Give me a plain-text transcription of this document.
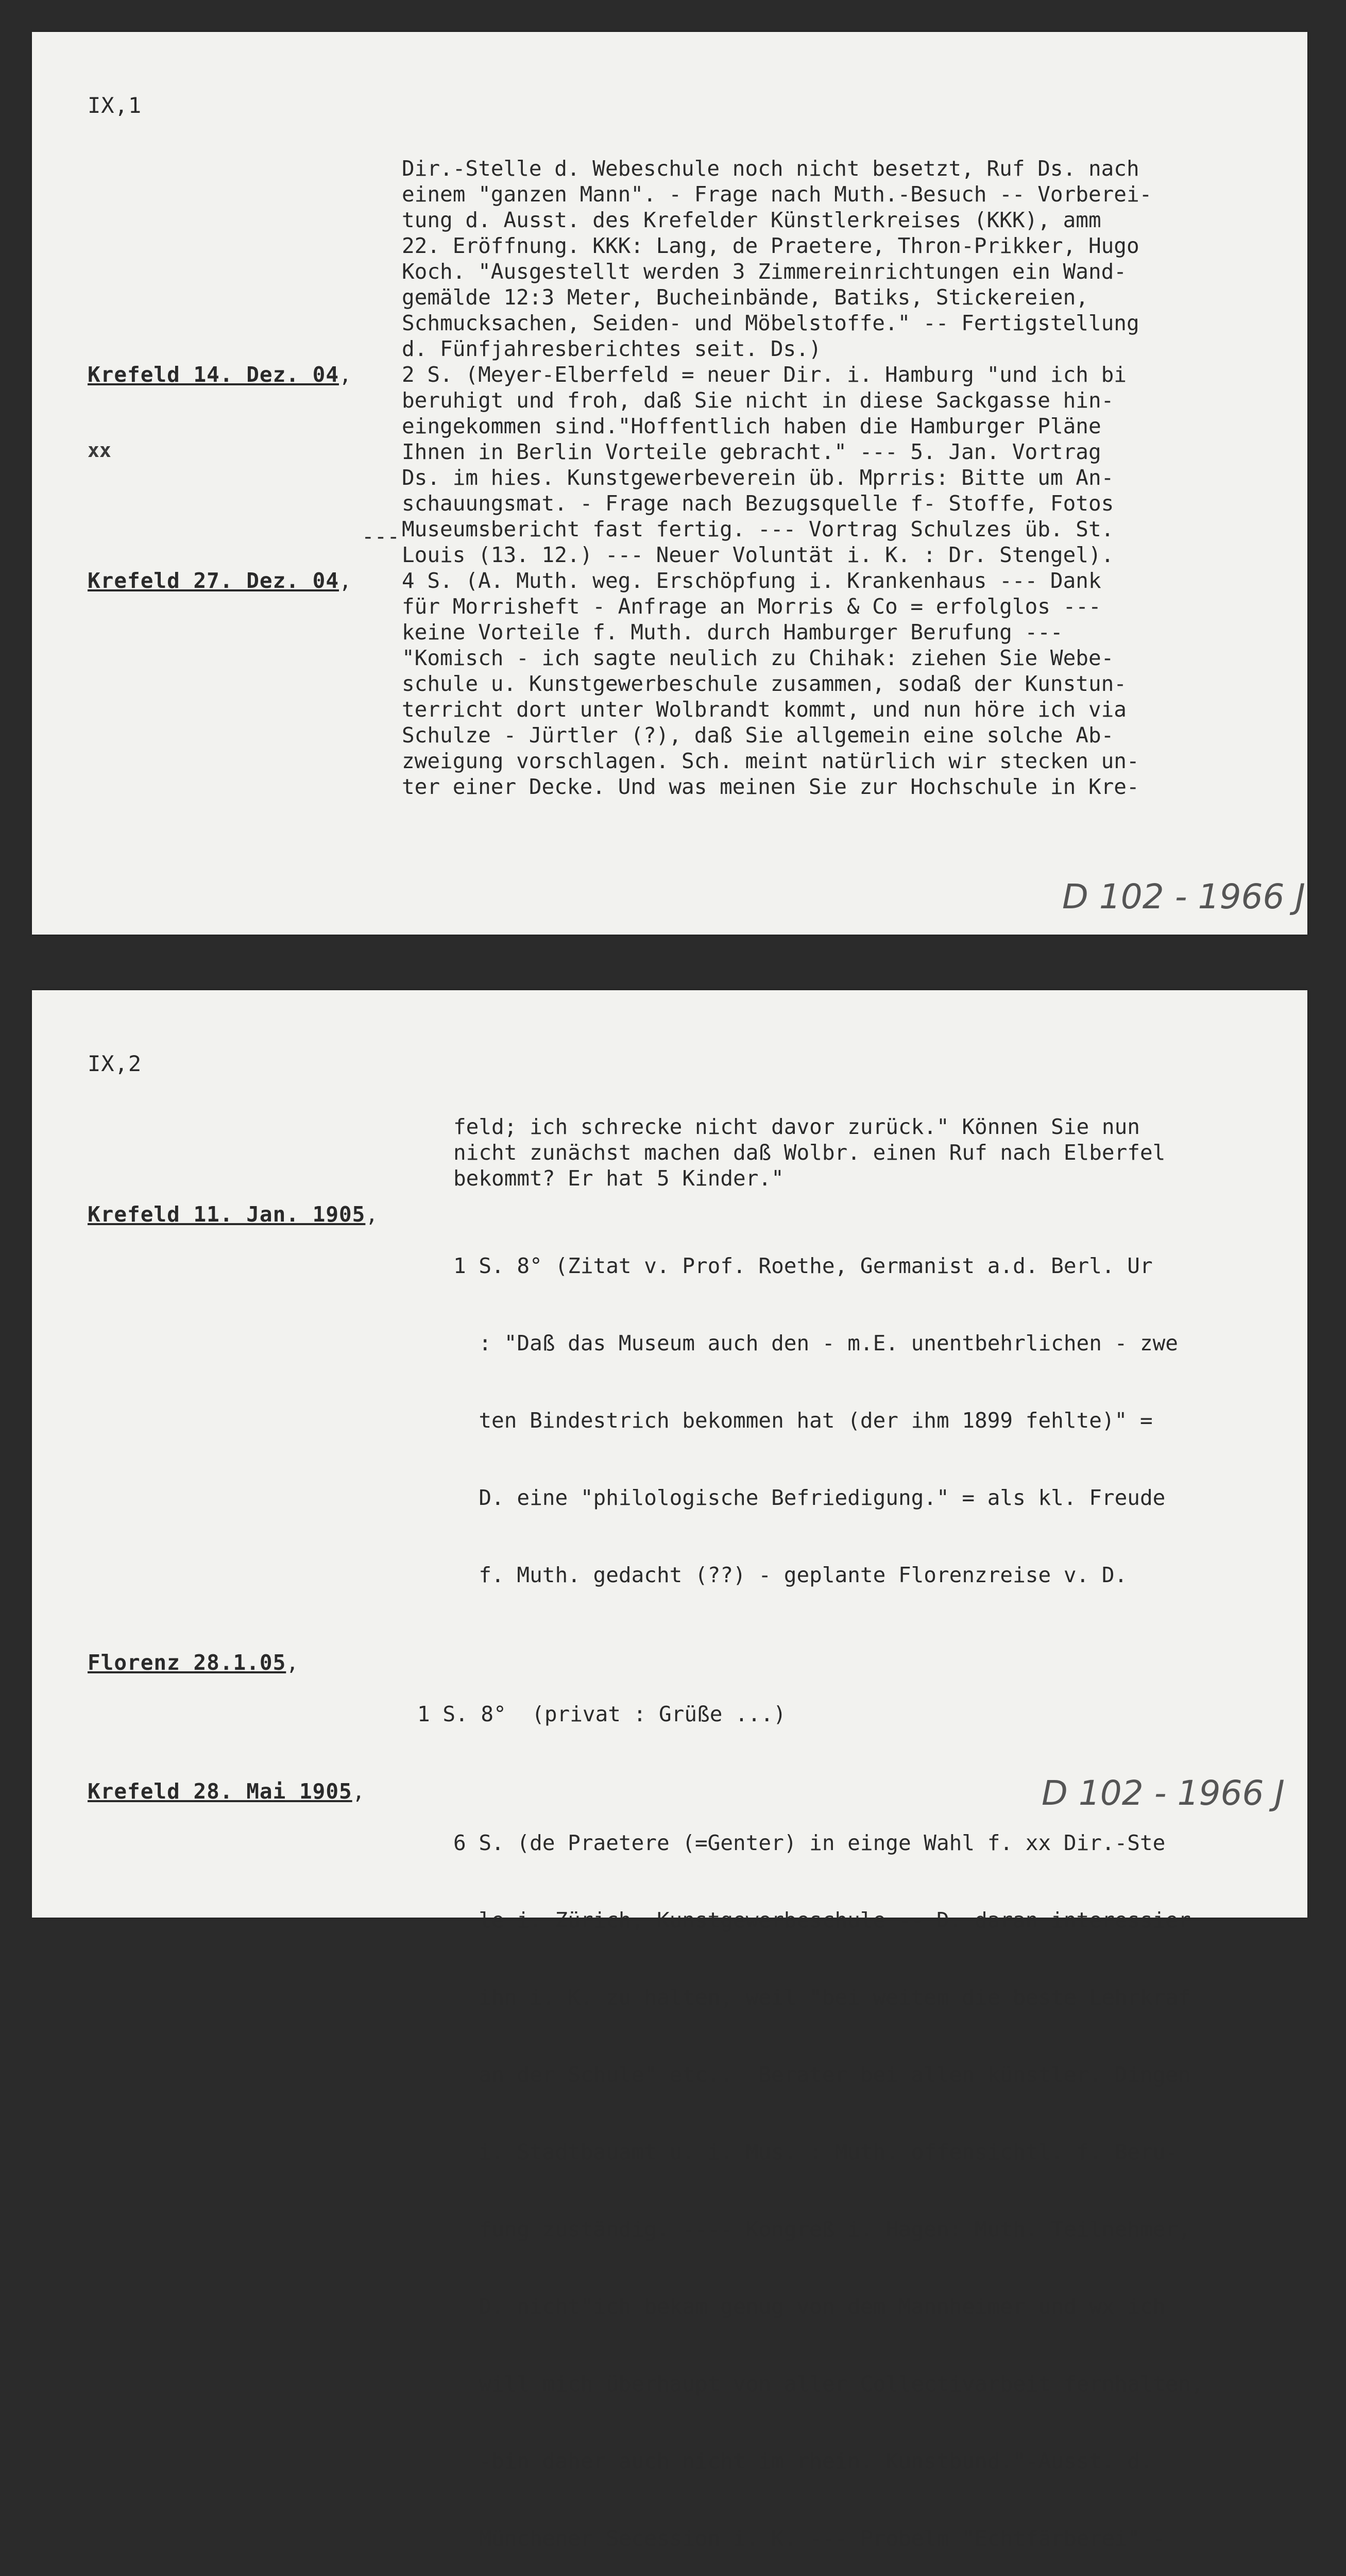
IX,1
xx
---
Dir.-Stelle d. Webeschule noch nicht besetzt, Ruf Ds. nach
einem "ganzen Mann". - Frage nach Muth.-Besuch -- Vorberei-
tung d. Ausst. des Krefelder Künstlerkreises (KKK), amm
22. Eröffnung. KKK: Lang, de Praetere, Thron-Prikker, Hugo
Koch. "Ausgestellt werden 3 Zimmereinrichtungen ein Wand-
gemälde 12:3 Meter, Bucheinbände, Batiks, Stickereien,
Schmucksachen, Seiden- und Möbelstoffe." -- Fertigstellung
d. Fünfjahresberichtes seit. Ds.)
Krefeld 14. Dez. 04,	2 S. (Meyer-Elberfeld = neuer Dir. i. Hamburg "und ich bi
beruhigt und froh, daß Sie nicht in diese Sackgasse hin-
eingekommen sind."Hoffentlich haben die Hamburger Pläne
Ihnen in Berlin Vorteile gebracht." --- 5. Jan. Vortrag
Ds. im hies. Kunstgewerbeverein üb. Mprris: Bitte um An-
schauungsmat. - Frage nach Bezugsquelle f- Stoffe, Fotos
Museumsbericht fast fertig. --- Vortrag Schulzes üb. St.
Louis (13. 12.) --- Neuer Voluntät i. K. : Dr. Stengel).
Krefeld 27. Dez. 04,	4 S. (A. Muth. weg. Erschöpfung i. Krankenhaus --- Dank
für Morrisheft - Anfrage an Morris & Co = erfolglos ---
keine Vorteile f. Muth. durch Hamburger Berufung ---
"Komisch - ich sagte neulich zu Chihak: ziehen Sie Webe-
schule u. Kunstgewerbeschule zusammen, sodaß der Kunstun-
terricht dort unter Wolbrandt kommt, und nun höre ich via
Schulze - Jürtler (?), daß Sie allgemein eine solche Ab-
zweigung vorschlagen. Sch. meint natürlich wir stecken un-
ter einer Decke. Und was meinen Sie zur Hochschule in Kre-
D 102 - 1966 J
IX,2
feld; ich schrecke nicht davor zurück." Können Sie nun
nicht zunächst machen daß Wolbr. einen Ruf nach Elberfel
bekommt? Er hat 5 Kinder."
Krefeld 11. Jan. 1905,

1 S. 8° (Zitat v. Prof. Roethe, Germanist a.d. Berl. Ur

: "Daß das Museum auch den - m.E. unentbehrlichen - zwe

ten Bindestrich bekommen hat (der ihm 1899 fehlte)" =

D. eine "philologische Befriedigung." = als kl. Freude

f. Muth. gedacht (??) - geplante Florenzreise v. D.

Florenz 28.1.05,

1 S. 8°  (privat : Grüße ...)

Krefeld 28. Mai 1905,

6 S. (de Praetere (=Genter) in einge Wahl f. xx Dir.-Ste

le i. Zürich, Kunstgewerbeschule -- D. daran interessier

ihn i. K. zu halten, weil "bei weitem die beste Lehrkraf

an der Schule" etc..  Berater bei allen künstler. Dingen

i. Stadtbauamt u. i. Mus. : Muth. offensichtl. f. Beru-

fung zuständig. ---- Kongreß i. Hagen: Muth. Teilnehmer,

D. nicht"ich bekam genug von dem Mannheimer und wx ich

will mich überhaupt von aller Collectivarbeit fernhalten,

-bin daher auch nicht im rhein. Kunstbund."-Ausst. d.

Münchener Secession i. K. --- Probelm "Echtfärberei" -

D 102 - 1966 J
